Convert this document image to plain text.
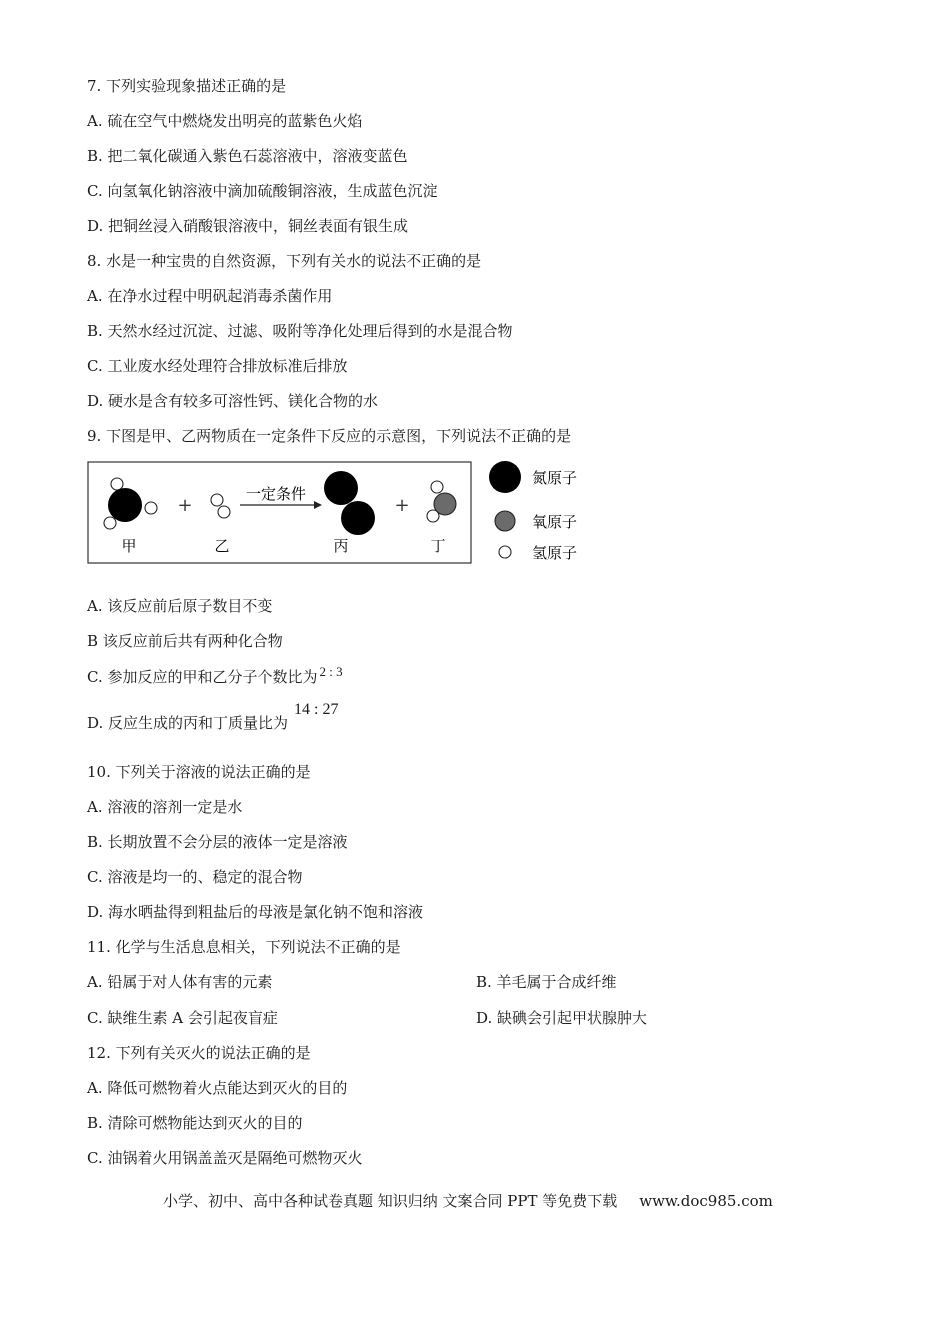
7. 下列实验现象描述正确的是
A. 硫在空气中燃烧发出明亮的蓝紫色火焰
B. 把二氧化碳通入紫色石蕊溶液中，溶液变蓝色
C. 向氢氧化钠溶液中滴加硫酸铜溶液，生成蓝色沉淀
D. 把铜丝浸入硝酸银溶液中，铜丝表面有银生成
8. 水是一种宝贵的自然资源，下列有关水的说法不正确的是
A. 在净水过程中明矾起消毒杀菌作用
B. 天然水经过沉淀、过滤、吸附等净化处理后得到的水是混合物
C. 工业废水经处理符合排放标准后排放
D. 硬水是含有较多可溶性钙、镁化合物的水
9. 下图是甲、乙两物质在一定条件下反应的示意图，下列说法不正确的是
甲
+
乙
一定条件
丙
+
丁
氮原子
氧原子
氢原子
A. 该反应前后原子数目不变
B 该反应前后共有两种化合物
C. 参加反应的甲和乙分子个数比为 2 : 3
D. 反应生成的丙和丁质量比为
14 : 27
10. 下列关于溶液的说法正确的是
A. 溶液的溶剂一定是水
B. 长期放置不会分层的液体一定是溶液
C. 溶液是均一的、稳定的混合物
D. 海水晒盐得到粗盐后的母液是氯化钠不饱和溶液
11. 化学与生活息息相关，下列说法不正确的是
A. 铅属于对人体有害的元素	B. 羊毛属于合成纤维
C. 缺维生素 A 会引起夜盲症	D. 缺碘会引起甲状腺肿大
12. 下列有关灭火的说法正确的是
A. 降低可燃物着火点能达到灭火的目的
B. 清除可燃物能达到灭火的目的
C. 油锅着火用锅盖盖灭是隔绝可燃物灭火
小学、初中、高中各种试卷真题 知识归纳 文案合同 PPT 等免费下载 www.doc985.com
